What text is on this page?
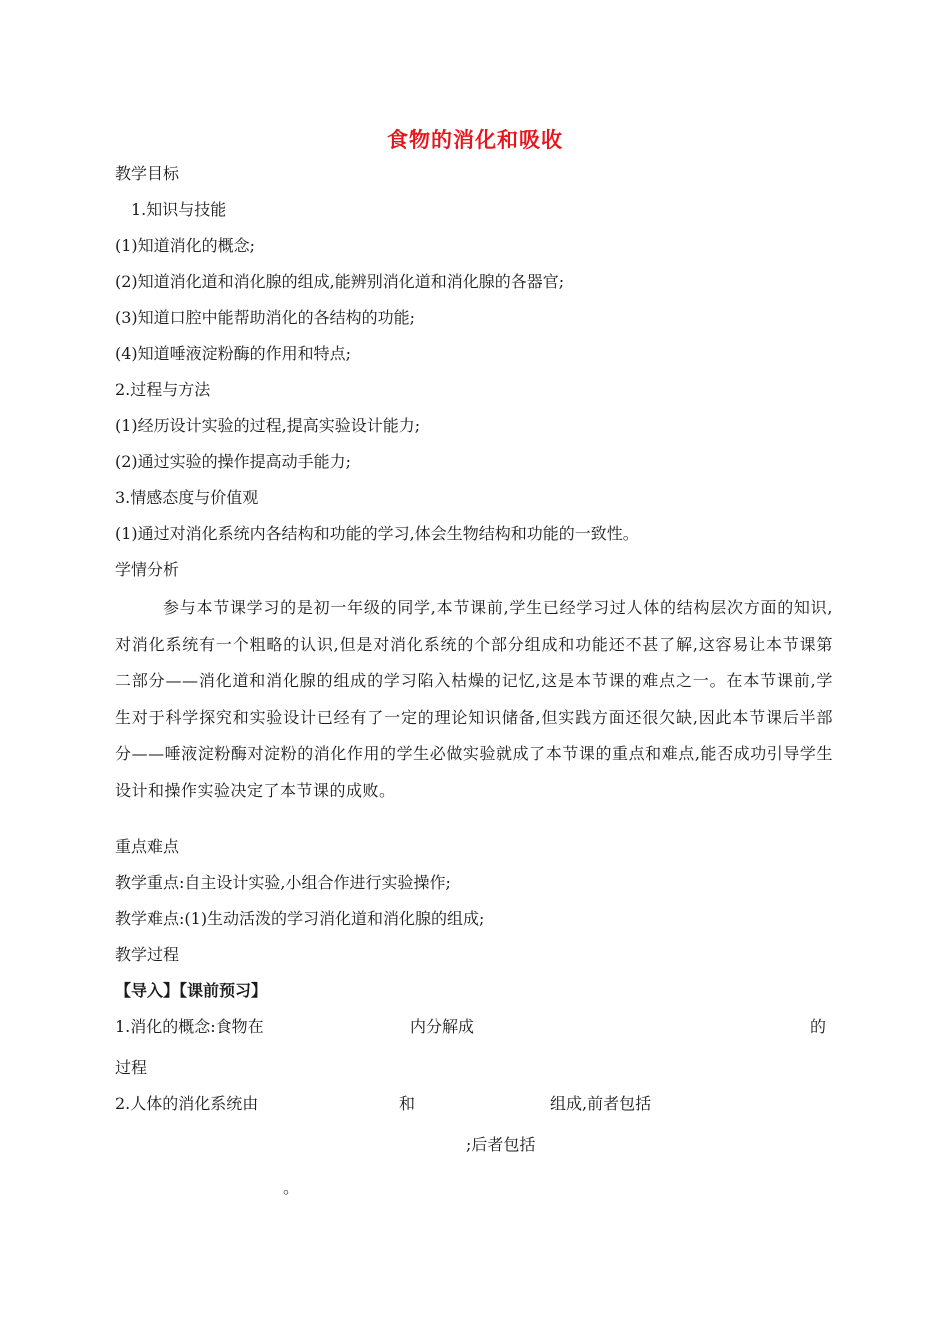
食物的消化和吸收
教学目标
1.知识与技能
(1)知道消化的概念;
(2)知道消化道和消化腺的组成,能辨别消化道和消化腺的各器官;
(3)知道口腔中能帮助消化的各结构的功能;
(4)知道唾液淀粉酶的作用和特点;
2.过程与方法
(1)经历设计实验的过程,提高实验设计能力;
(2)通过实验的操作提高动手能力;
3.情感态度与价值观
(1)通过对消化系统内各结构和功能的学习,体会生物结构和功能的一致性。
学情分析
参与本节课学习的是初一年级的同学,本节课前,学生已经学习过人体的结构层次方面的知识,对消化系统有一个粗略的认识,但是对消化系统的个部分组成和功能还不甚了解,这容易让本节课第二部分——消化道和消化腺的组成的学习陷入枯燥的记忆,这是本节课的难点之一。在本节课前,学生对于科学探究和实验设计已经有了一定的理论知识储备,但实践方面还很欠缺,因此本节课后半部分——唾液淀粉酶对淀粉的消化作用的学生必做实验就成了本节课的重点和难点,能否成功引导学生设计和操作实验决定了本节课的成败。
重点难点
教学重点:自主设计实验,小组合作进行实验操作;
教学难点:(1)生动活泼的学习消化道和消化腺的组成;
教学过程
【导入】【课前预习】
1.消化的概念:食物在	内分解成	的
过程
2.人体的消化系统由	和	组成,前者包括
;后者包括
。
